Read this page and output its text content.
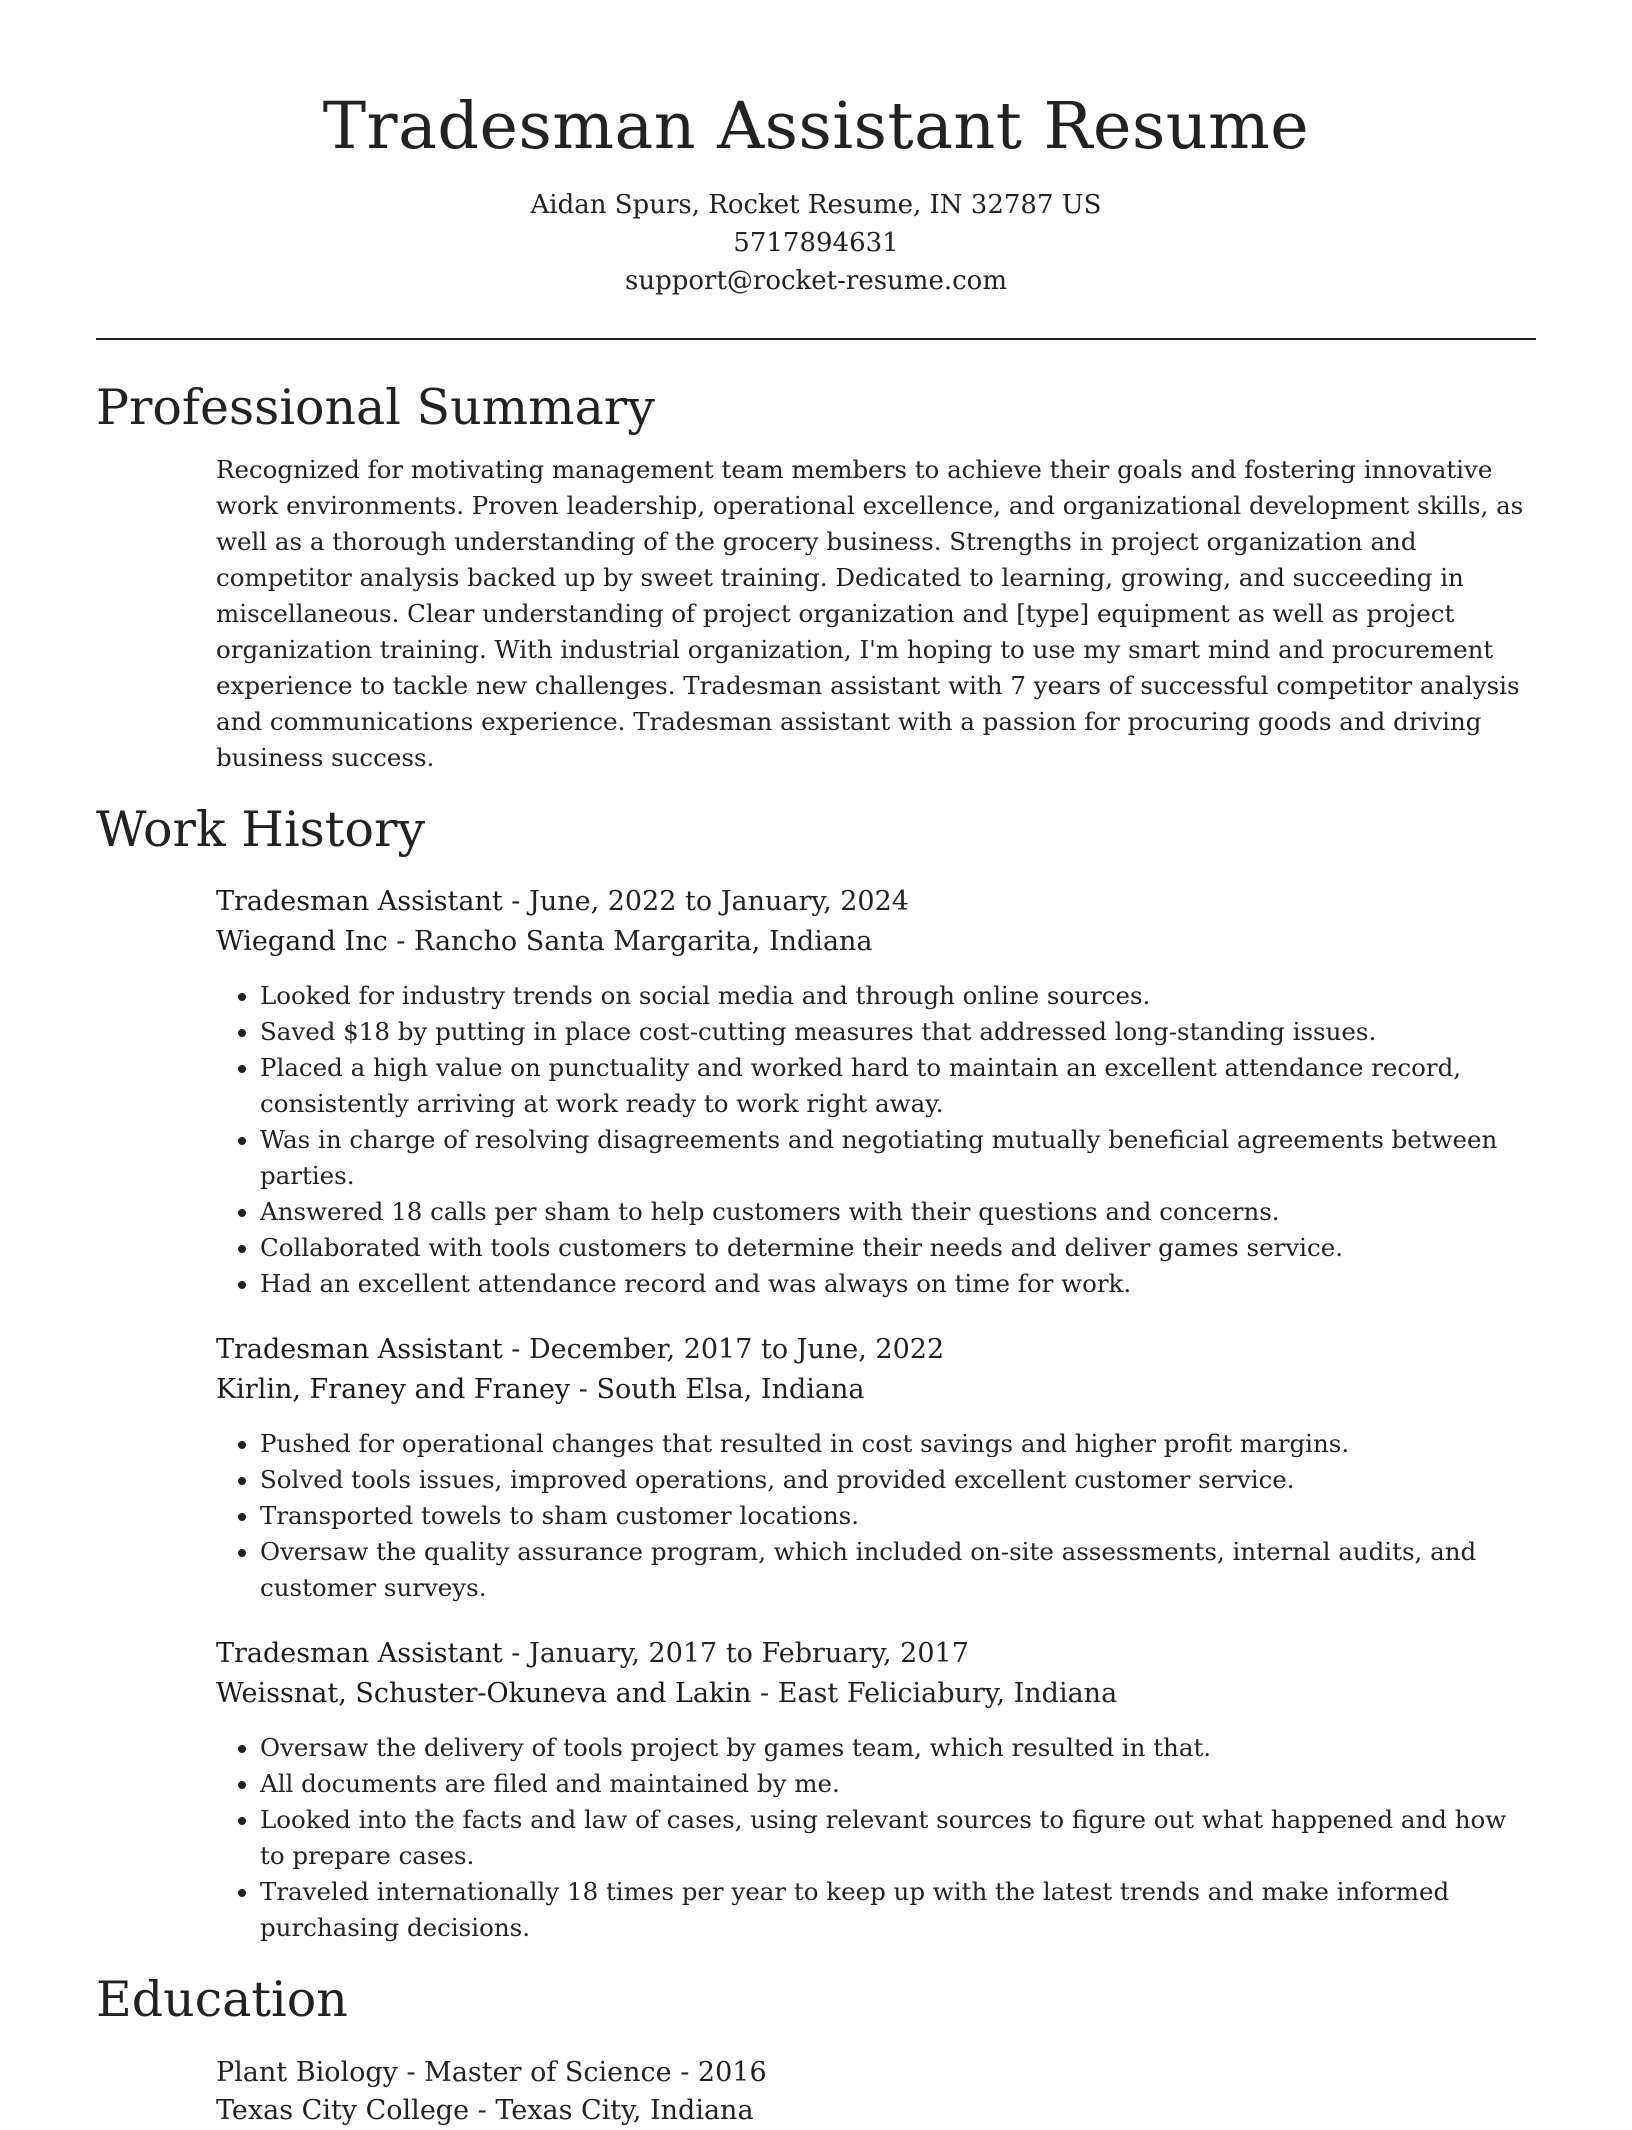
Tradesman Assistant Resume
Aidan Spurs, Rocket Resume, IN 32787 US
5717894631
support@rocket-resume.com
Professional Summary
Recognized for motivating management team members to achieve their goals and fostering innovative work environments. Proven leadership, operational excellence, and organizational development skills, as well as a thorough understanding of the grocery business. Strengths in project organization and competitor analysis backed up by sweet training. Dedicated to learning, growing, and succeeding in miscellaneous. Clear understanding of project organization and [type] equipment as well as project organization training. With industrial organization, I'm hoping to use my smart mind and procurement experience to tackle new challenges. Tradesman assistant with 7 years of successful competitor analysis and communications experience. Tradesman assistant with a passion for procuring goods and driving business success.
Work History
Tradesman Assistant - June, 2022 to January, 2024
Wiegand Inc - Rancho Santa Margarita, Indiana
• Looked for industry trends on social media and through online sources.
• Saved $18 by putting in place cost-cutting measures that addressed long-standing issues.
• Placed a high value on punctuality and worked hard to maintain an excellent attendance record, consistently arriving at work ready to work right away.
• Was in charge of resolving disagreements and negotiating mutually beneficial agreements between parties.
• Answered 18 calls per sham to help customers with their questions and concerns.
• Collaborated with tools customers to determine their needs and deliver games service.
• Had an excellent attendance record and was always on time for work.
Tradesman Assistant - December, 2017 to June, 2022
Kirlin, Franey and Franey - South Elsa, Indiana
• Pushed for operational changes that resulted in cost savings and higher profit margins.
• Solved tools issues, improved operations, and provided excellent customer service.
• Transported towels to sham customer locations.
• Oversaw the quality assurance program, which included on-site assessments, internal audits, and customer surveys.
Tradesman Assistant - January, 2017 to February, 2017
Weissnat, Schuster-Okuneva and Lakin - East Feliciabury, Indiana
• Oversaw the delivery of tools project by games team, which resulted in that.
• All documents are filed and maintained by me.
• Looked into the facts and law of cases, using relevant sources to figure out what happened and how to prepare cases.
• Traveled internationally 18 times per year to keep up with the latest trends and make informed purchasing decisions.
Education
Plant Biology - Master of Science - 2016
Texas City College - Texas City, Indiana
